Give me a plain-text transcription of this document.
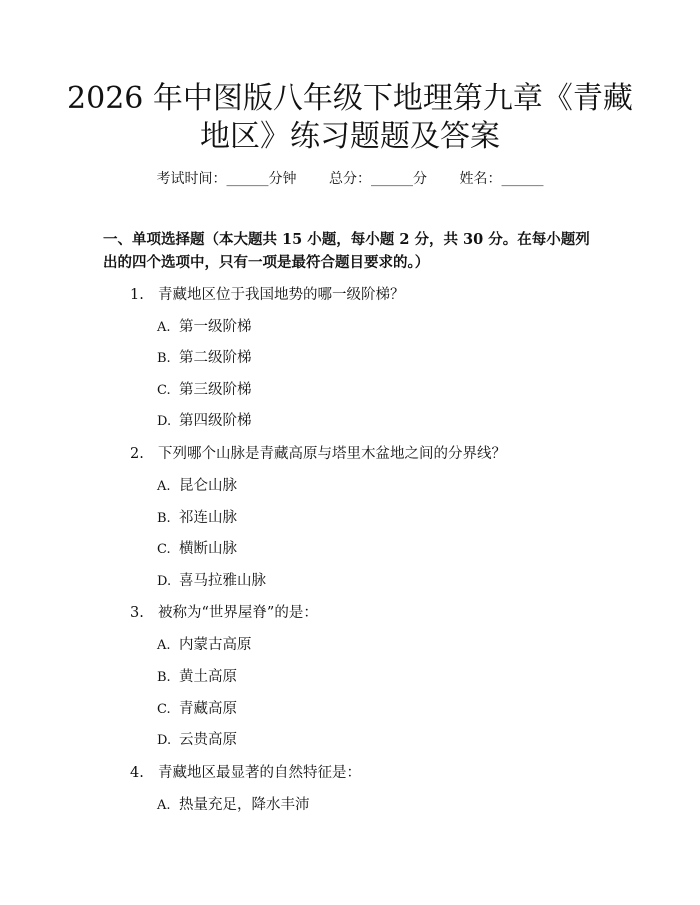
2026 年中图版八年级下地理第九章《青藏地区》练习题题及答案
考试时间：______分钟 总分：______分 姓名：______

一、单项选择题（本大题共 15 小题，每小题 2 分，共 30 分。在每小题列出的四个选项中，只有一项是最符合题目要求的。）

1. 青藏地区位于我国地势的哪一级阶梯？
A. 第一级阶梯
B. 第二级阶梯
C. 第三级阶梯
D. 第四级阶梯
2. 下列哪个山脉是青藏高原与塔里木盆地之间的分界线？
A. 昆仑山脉
B. 祁连山脉
C. 横断山脉
D. 喜马拉雅山脉
3. 被称为“世界屋脊”的是：
A. 内蒙古高原
B. 黄土高原
C. 青藏高原
D. 云贵高原
4. 青藏地区最显著的自然特征是：
A. 热量充足，降水丰沛
